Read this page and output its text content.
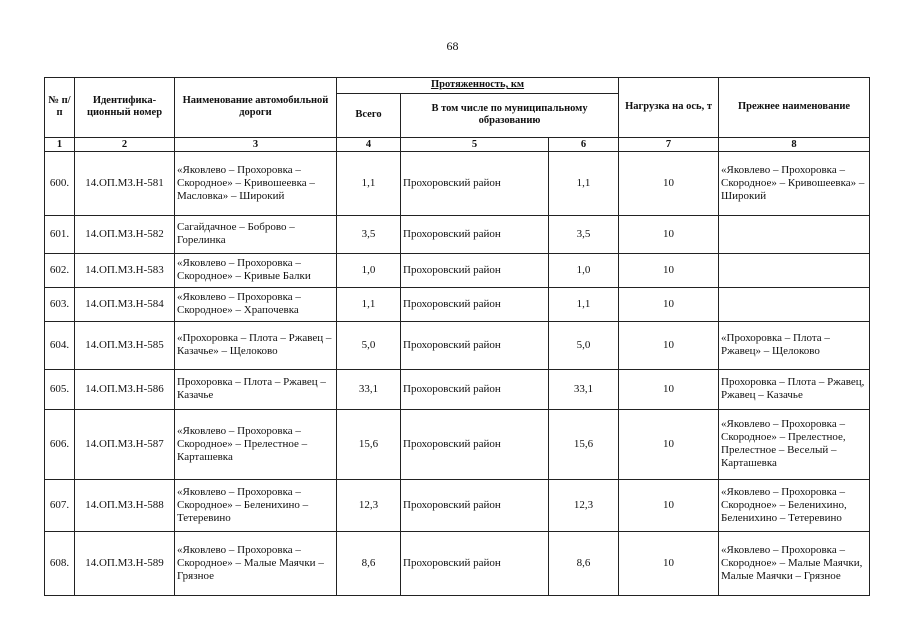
68
№ п/п	Идентифика-ционный номер	Наименование автомобильной дороги	Протяженность, км			Нагрузка на ось, т	Прежнее наименование
			Всего	В том числе по муниципальному образованию			
1	2	3	4	5	6	7	8
600.	14.ОП.МЗ.Н-581	«Яковлево – Прохоровка – Скородное» – Кривошеевка – Масловка» – Широкий	1,1	Прохоровский район	1,1	10	«Яковлево – Прохоровка – Скородное» – Кривошеевка» – Широкий
601.	14.ОП.МЗ.Н-582	Сагайдачное – Боброво – Горелинка	3,5	Прохоровский район	3,5	10	
602.	14.ОП.МЗ.Н-583	«Яковлево – Прохоровка – Скородное» – Кривые Балки	1,0	Прохоровский район	1,0	10	
603.	14.ОП.МЗ.Н-584	«Яковлево – Прохоровка – Скородное» – Храпочевка	1,1	Прохоровский район	1,1	10	
604.	14.ОП.МЗ.Н-585	«Прохоровка – Плота – Ржавец – Казачье» – Щелоково	5,0	Прохоровский район	5,0	10	«Прохоровка – Плота – Ржавец» – Щелоково
605.	14.ОП.МЗ.Н-586	Прохоровка – Плота – Ржавец – Казачье	33,1	Прохоровский район	33,1	10	Прохоровка – Плота – Ржавец, Ржавец – Казачье
606.	14.ОП.МЗ.Н-587	«Яковлево – Прохоровка – Скородное» – Прелестное – Карташевка	15,6	Прохоровский район	15,6	10	«Яковлево – Прохоровка – Скородное» – Прелестное, Прелестное – Веселый – Карташевка
607.	14.ОП.МЗ.Н-588	«Яковлево – Прохоровка – Скородное» – Беленихино – Тетеревино	12,3	Прохоровский район	12,3	10	«Яковлево – Прохоровка – Скородное» – Беленихино, Беленихино – Тетеревино
608.	14.ОП.МЗ.Н-589	«Яковлево – Прохоровка – Скородное» – Малые Маячки – Грязное	8,6	Прохоровский район	8,6	10	«Яковлево – Прохоровка – Скородное» – Малые Маячки, Малые Маячки – Грязное
